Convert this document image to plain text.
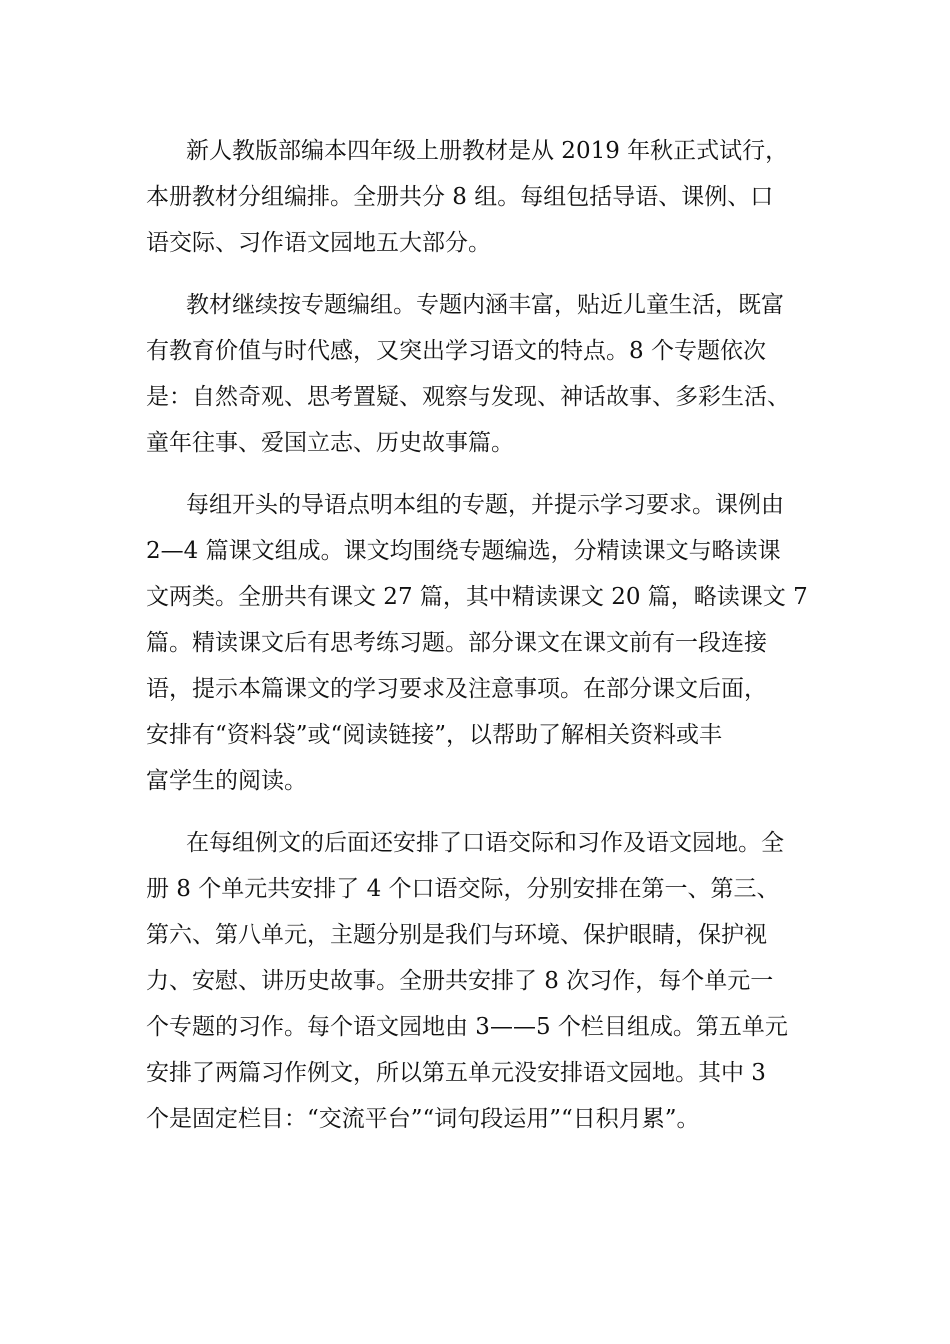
新人教版部编本四年级上册教材是从 2019 年秋正式试行，
本册教材分组编排。全册共分 8 组。每组包括导语、课例、口
语交际、习作语文园地五大部分。

教材继续按专题编组。专题内涵丰富，贴近儿童生活，既富
有教育价值与时代感，又突出学习语文的特点。8 个专题依次
是：自然奇观、思考置疑、观察与发现、神话故事、多彩生活、
童年往事、爱国立志、历史故事篇。

每组开头的导语点明本组的专题，并提示学习要求。课例由
2—4 篇课文组成。课文均围绕专题编选，分精读课文与略读课
文两类。全册共有课文 27 篇，其中精读课文 20 篇，略读课文 7
篇。精读课文后有思考练习题。部分课文在课文前有一段连接
语，提示本篇课文的学习要求及注意事项。在部分课文后面，
安排有“资料袋”或“阅读链接”，以帮助了解相关资料或丰
富学生的阅读。

在每组例文的后面还安排了口语交际和习作及语文园地。全
册 8 个单元共安排了 4 个口语交际，分别安排在第一、第三、
第六、第八单元，主题分别是我们与环境、保护眼睛，保护视
力、安慰、讲历史故事。全册共安排了 8 次习作，每个单元一
个专题的习作。每个语文园地由 3——5 个栏目组成。第五单元
安排了两篇习作例文，所以第五单元没安排语文园地。其中 3
个是固定栏目：“交流平台”“词句段运用”“日积月累”。
